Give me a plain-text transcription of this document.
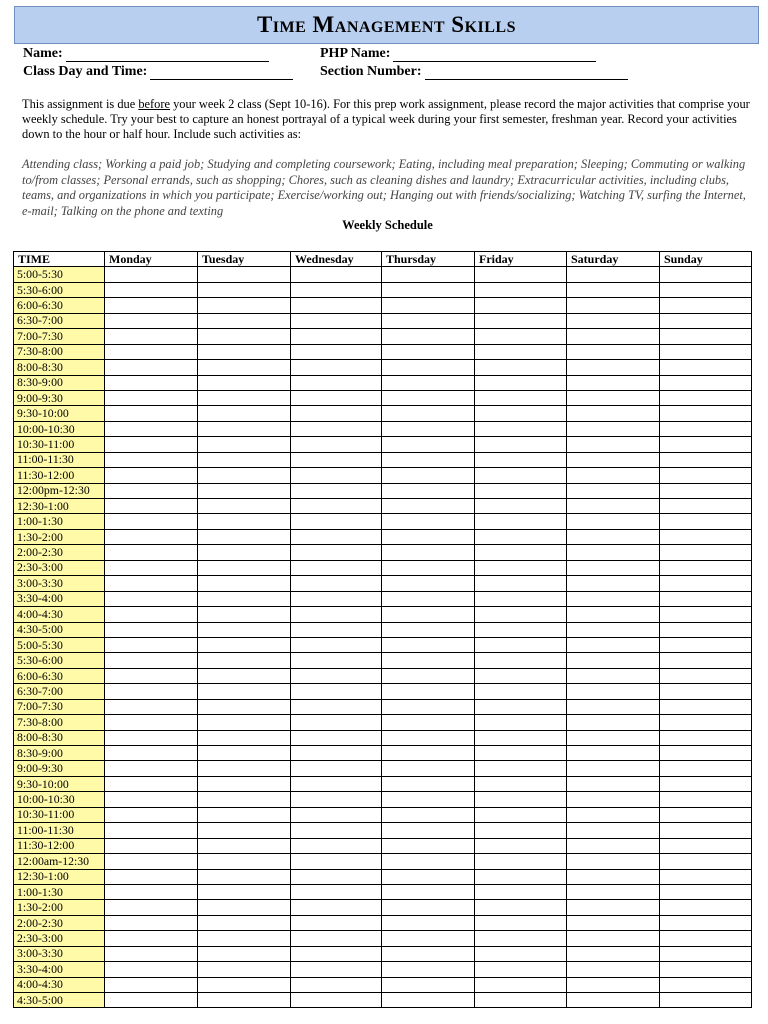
Time Management Skills
Name:	PHP Name:
Class Day and Time:	Section Number:
This assignment is due before your week 2 class (Sept 10-16). For this prep work assignment, please record the major activities that comprise your weekly schedule. Try your best to capture an honest portrayal of a typical week during your first semester, freshman year. Record your activities down to the hour or half hour. Include such activities as:
Attending class; Working a paid job; Studying and completing coursework; Eating, including meal preparation; Sleeping; Commuting or walking to/from classes; Personal errands, such as shopping; Chores, such as cleaning dishes and laundry; Extracurricular activities, including clubs, teams, and organizations in which you participate; Exercise/working out; Hanging out with friends/socializing; Watching TV, surfing the Internet, e-mail; Talking on the phone and texting
Weekly Schedule
TIME	Monday	Tuesday	Wednesday	Thursday	Friday	Saturday	Sunday
5:00-5:30							
5:30-6:00							
6:00-6:30							
6:30-7:00							
7:00-7:30							
7:30-8:00							
8:00-8:30							
8:30-9:00							
9:00-9:30							
9:30-10:00							
10:00-10:30							
10:30-11:00							
11:00-11:30							
11:30-12:00							
12:00pm-12:30							
12:30-1:00							
1:00-1:30							
1:30-2:00							
2:00-2:30							
2:30-3:00							
3:00-3:30							
3:30-4:00							
4:00-4:30							
4:30-5:00							
5:00-5:30							
5:30-6:00							
6:00-6:30							
6:30-7:00							
7:00-7:30							
7:30-8:00							
8:00-8:30							
8:30-9:00							
9:00-9:30							
9:30-10:00							
10:00-10:30							
10:30-11:00							
11:00-11:30							
11:30-12:00							
12:00am-12:30							
12:30-1:00							
1:00-1:30							
1:30-2:00							
2:00-2:30							
2:30-3:00							
3:00-3:30							
3:30-4:00							
4:00-4:30							
4:30-5:00							
